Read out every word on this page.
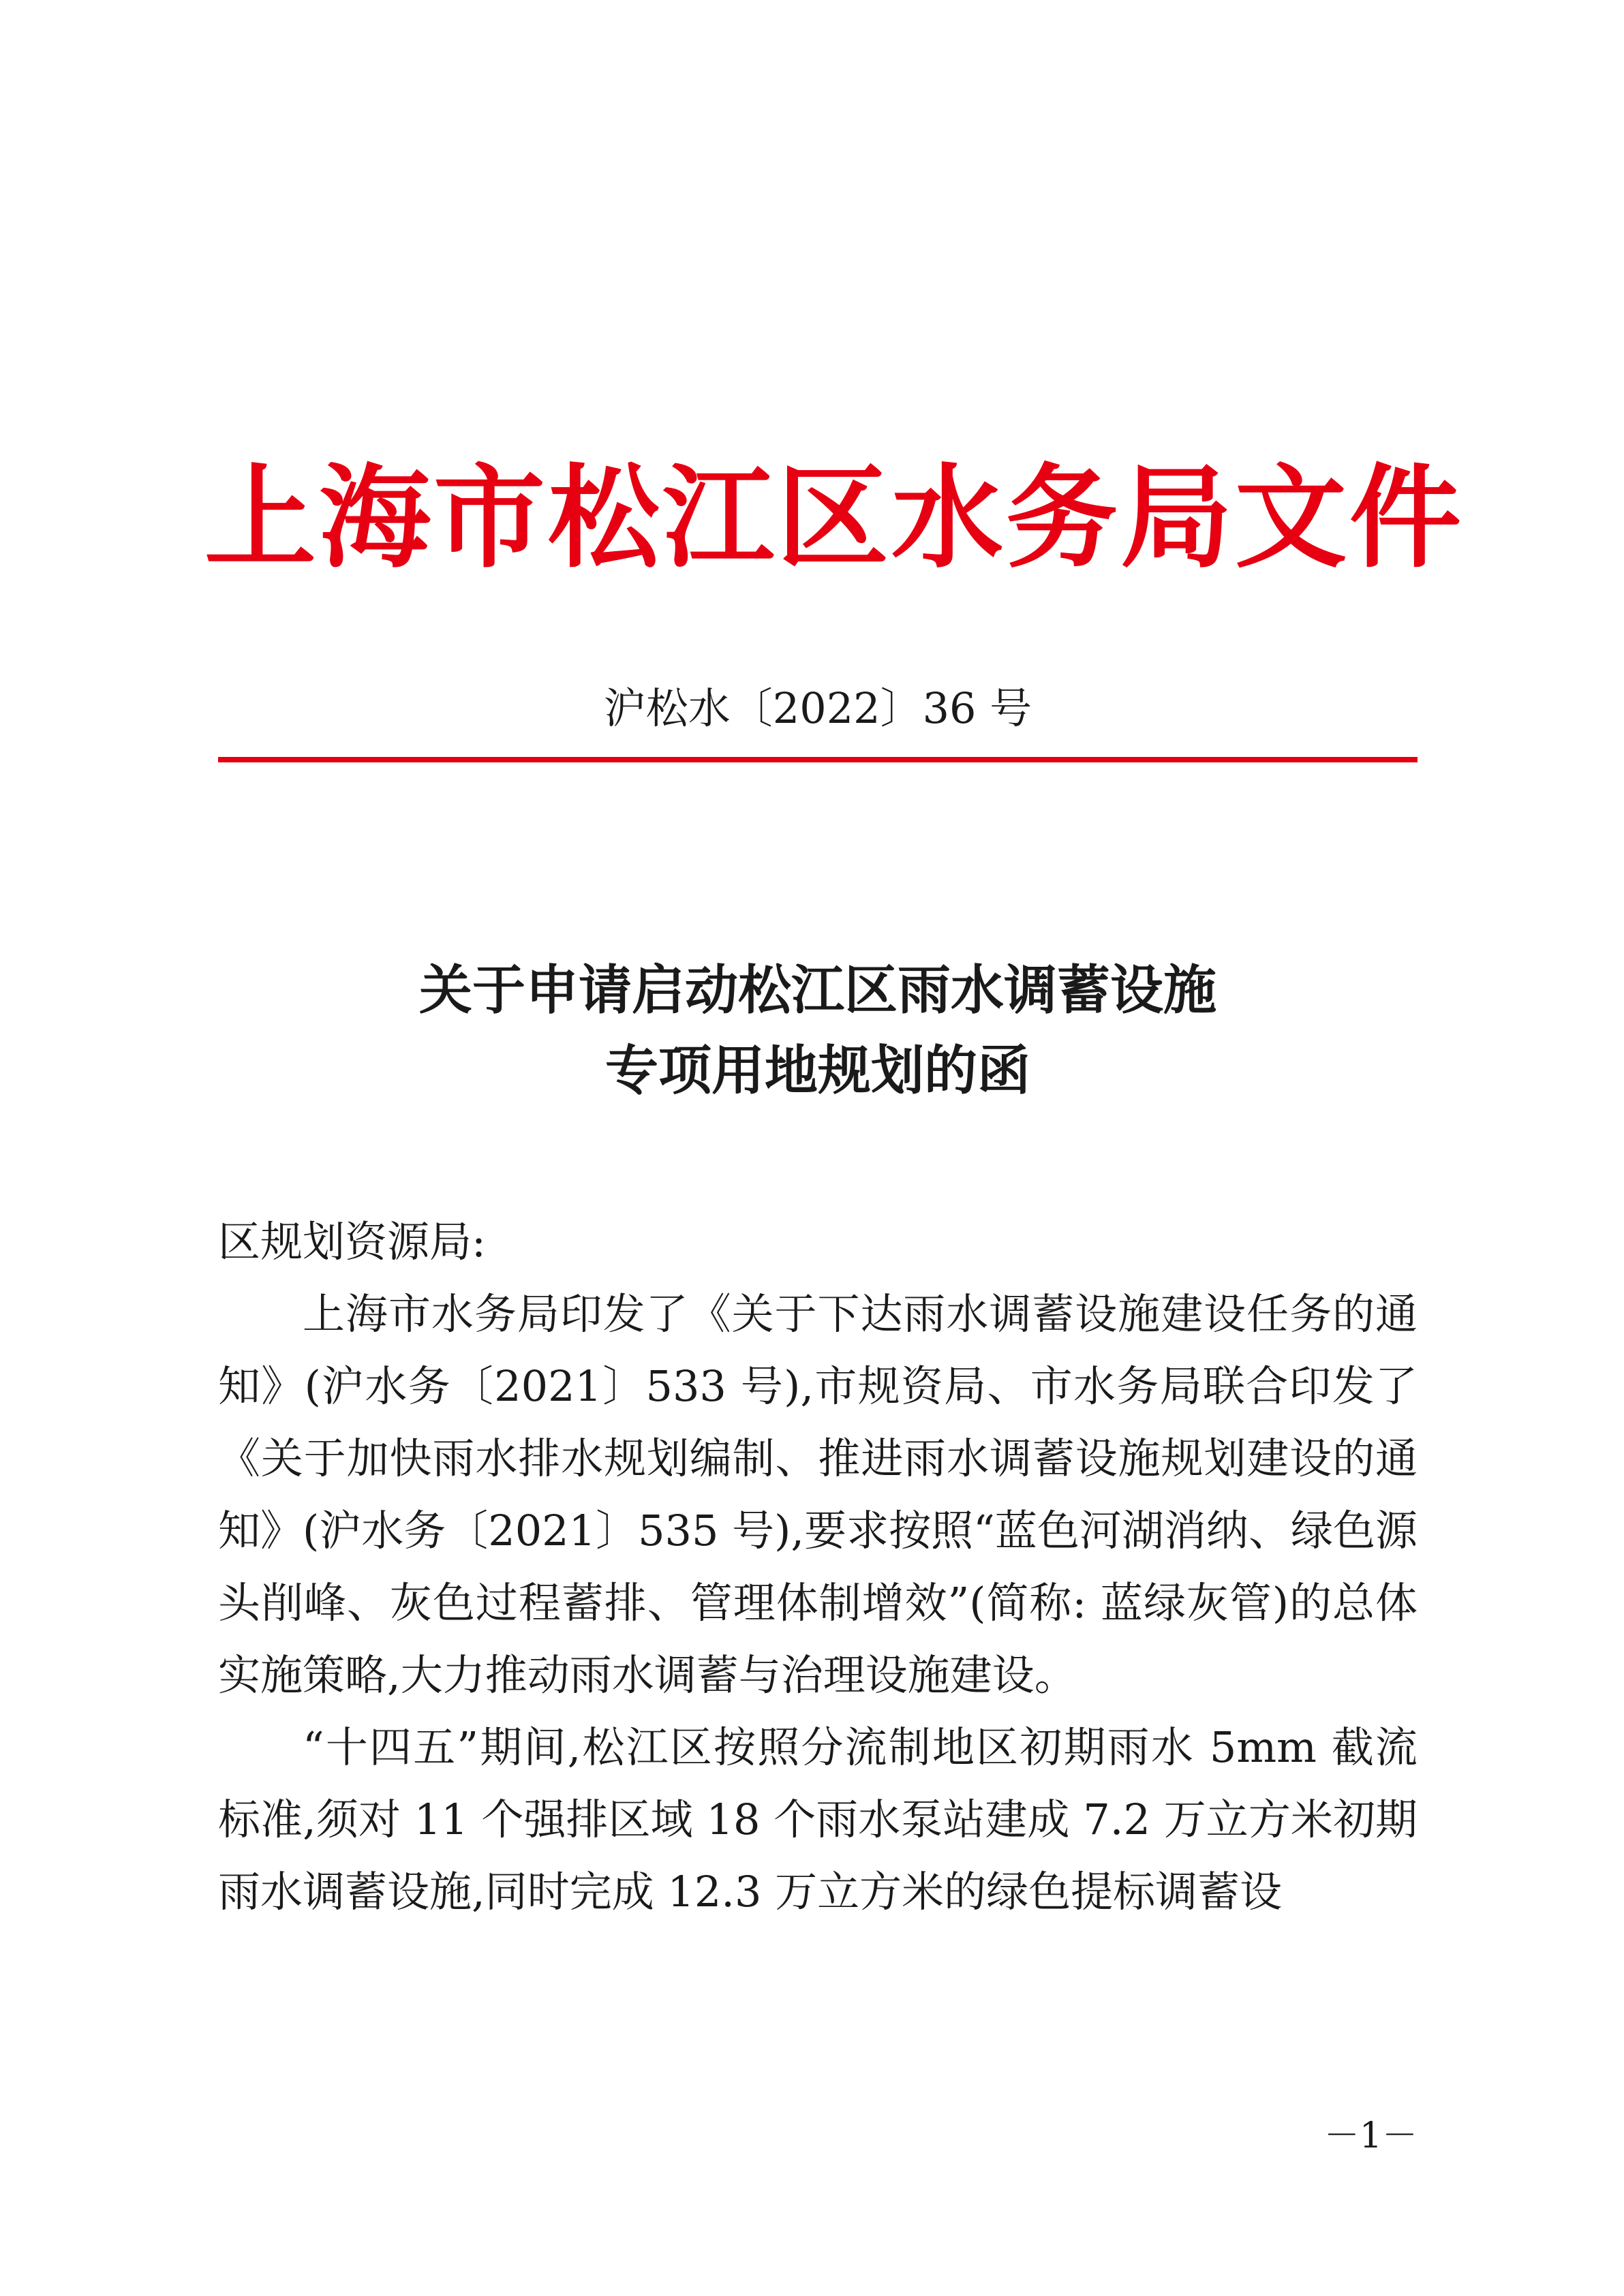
上海市松江区水务局文件
沪松水〔2022〕36 号
关于申请启动松江区雨水调蓄设施
专项用地规划的函

区规划资源局:

上海市水务局印发了《关于下达雨水调蓄设施建设任务的通知》(沪水务〔2021〕533 号),市规资局、市水务局联合印发了《关于加快雨水排水规划编制、推进雨水调蓄设施规划建设的通知》(沪水务〔2021〕535 号),要求按照“蓝色河湖消纳、绿色源头削峰、灰色过程蓄排、管理体制增效”(简称: 蓝绿灰管)的总体实施策略,大力推动雨水调蓄与治理设施建设。

“十四五”期间,松江区按照分流制地区初期雨水 5mm 截流标准,须对 11 个强排区域 18 个雨水泵站建成 7.2 万立方米初期雨水调蓄设施,同时完成 12.3 万立方米的绿色提标调蓄设

－1－
